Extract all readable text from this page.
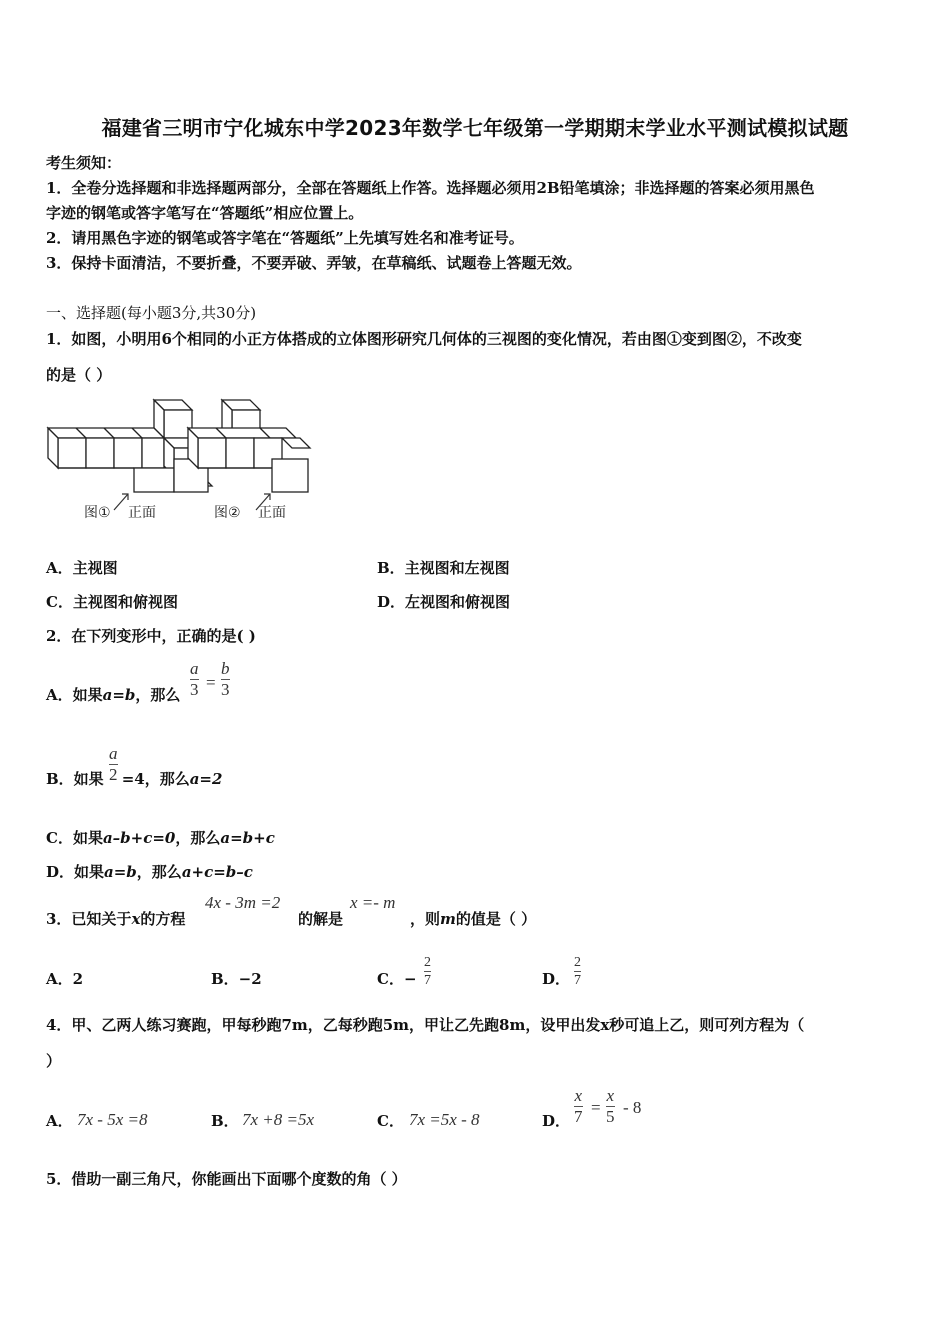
福建省三明市宁化城东中学2023年数学七年级第一学期期末学业水平测试模拟试题
考生须知：
1．全卷分选择题和非选择题两部分，全部在答题纸上作答。选择题必须用2B铅笔填涂；非选择题的答案必须用黑色
字迹的钢笔或答字笔写在“答题纸”相应位置上。
2．请用黑色字迹的钢笔或答字笔在“答题纸”上先填写姓名和准考证号。
3．保持卡面清洁，不要折叠，不要弄破、弄皱，在草稿纸、试题卷上答题无效。
一、选择题(每小题3分,共30分)
1．如图，小明用6个相同的小正方体搭成的立体图形研究几何体的三视图的变化情况，若由图①变到图②，不改变
的是（ ）
图① 正面	图② 正面
A．主视图	B．主视图和左视图
C．主视图和俯视图	D．左视图和俯视图
2．在下列变形中，正确的是( )
A．如果a=b，那么
a
3 =
b
3
B．如果 =4，那么a=2
a
2
C．如果a–b+c=0，那么a=b+c
D．如果a=b，那么a+c=b–c
3．已知关于x的方程
4x - 3m =2
的解是
x =- m
，则m的值是（ ）
A．2	B．−2	C．−
2
7	D．
2
7
4．甲、乙两人练习赛跑，甲每秒跑7m，乙每秒跑5m，甲让乙先跑8m，设甲出发x秒可追上乙，则可列方程为（
）
A． 7x - 5x =8	B． 7x +8 =5x	C． 7x =5x - 8	D．
x
7 =
x
5 - 8
5．借助一副三角尺，你能画出下面哪个度数的角（ ）
